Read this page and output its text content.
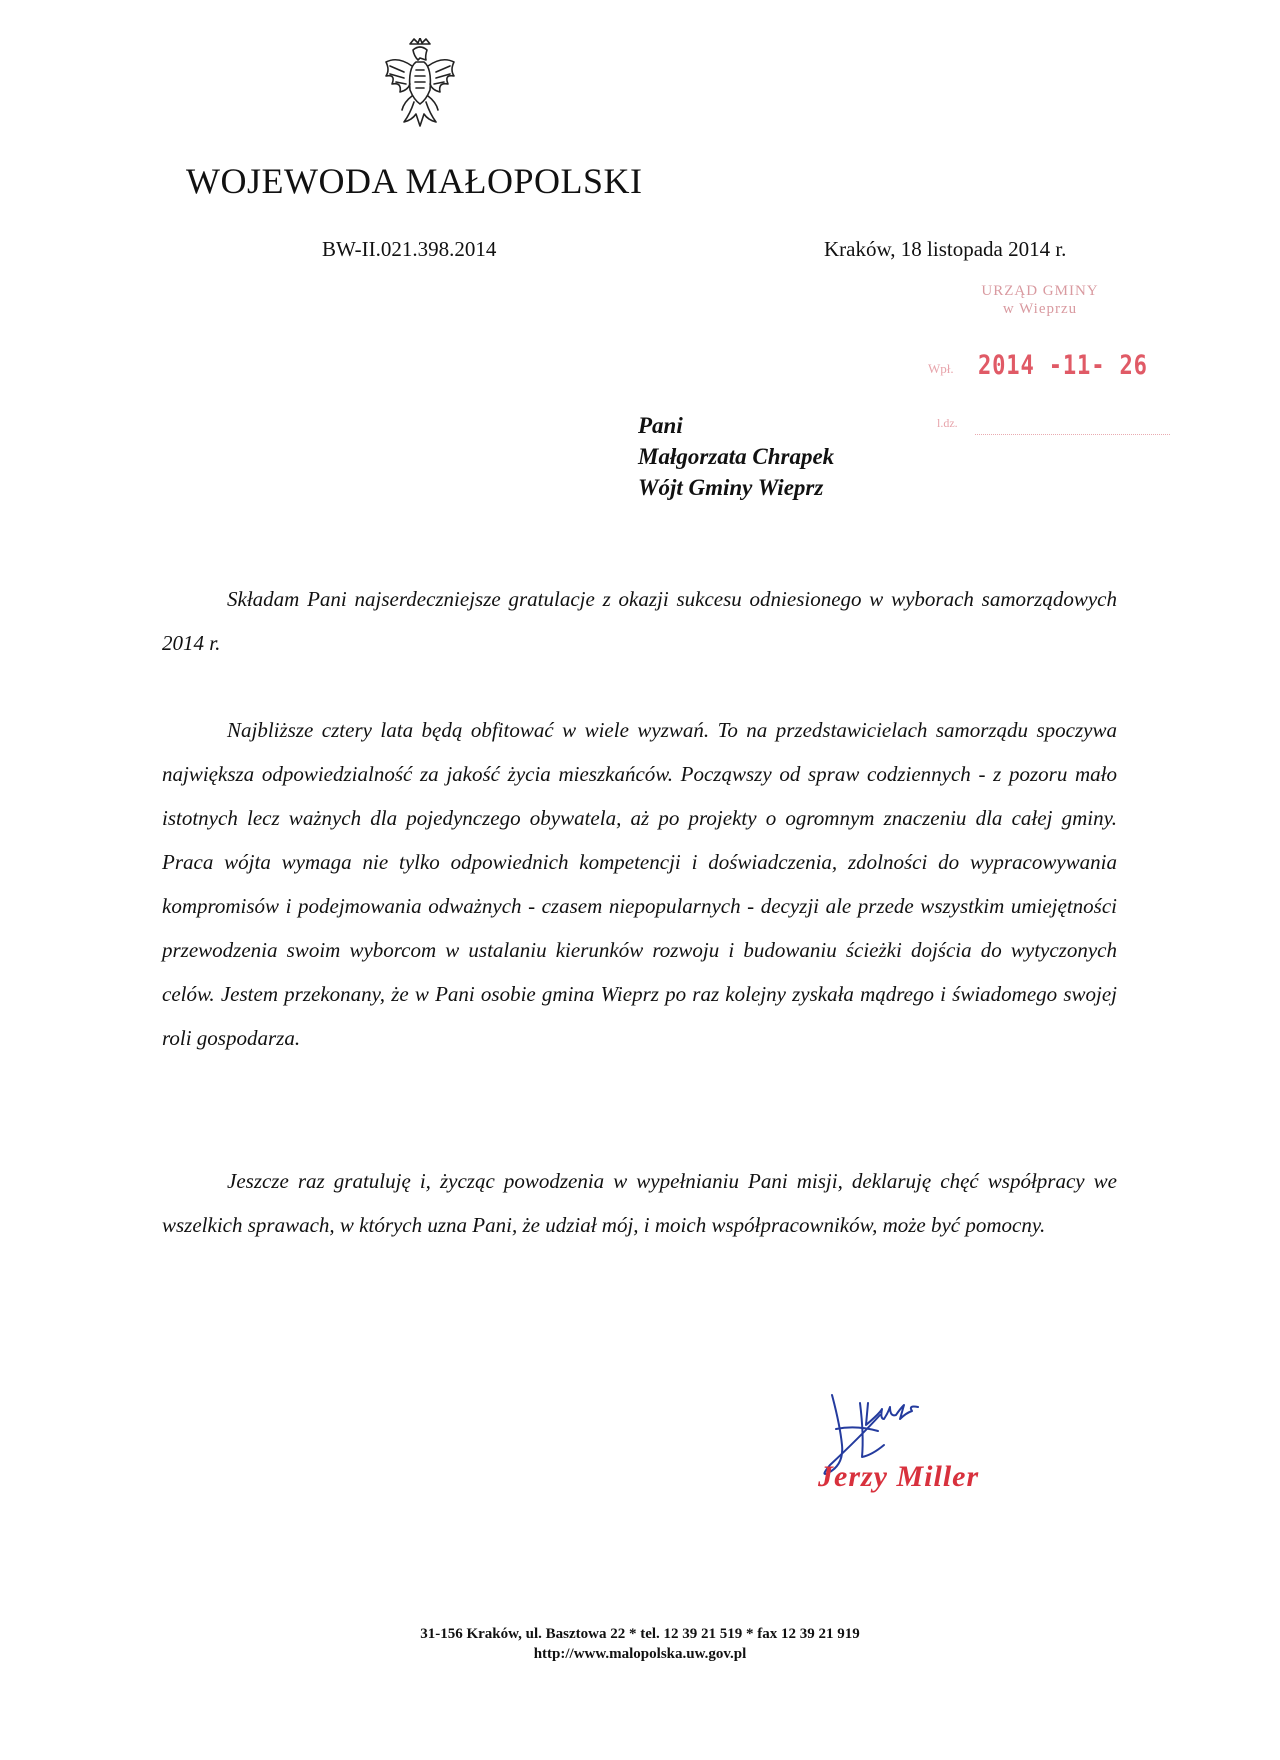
WOJEWODA MAŁOPOLSKI
BW-II.021.398.2014	Kraków, 18 listopada 2014 r.
URZĄD GMINY
w Wieprzu
Wpł. 2014 -11- 26
l.dz.
Pani
Małgorzata Chrapek
Wójt Gminy Wieprz

Składam Pani najserdeczniejsze gratulacje z okazji sukcesu odniesionego w wyborach samorządowych 2014 r.

Najbliższe cztery lata będą obfitować w wiele wyzwań. To na przedstawicielach samorządu spoczywa największa odpowiedzialność za jakość życia mieszkańców. Począwszy od spraw codziennych - z pozoru mało istotnych lecz ważnych dla pojedynczego obywatela, aż po projekty o ogromnym znaczeniu dla całej gminy. Praca wójta wymaga nie tylko odpowiednich kompetencji i doświadczenia, zdolności do wypracowywania kompromisów i podejmowania odważnych - czasem niepopularnych - decyzji ale przede wszystkim umiejętności przewodzenia swoim wyborcom w ustalaniu kierunków rozwoju i budowaniu ścieżki dojścia do wytyczonych celów. Jestem przekonany, że w Pani osobie gmina Wieprz po raz kolejny zyskała mądrego i świadomego swojej roli gospodarza.

Jeszcze raz gratuluję i, życząc powodzenia w wypełnianiu Pani misji, deklaruję chęć współpracy we wszelkich sprawach, w których uzna Pani, że udział mój, i moich współpracowników, może być pomocny.

Jerzy Miller
31-156 Kraków, ul. Basztowa 22 * tel. 12 39 21 519 * fax 12 39 21 919
http://www.malopolska.uw.gov.pl
